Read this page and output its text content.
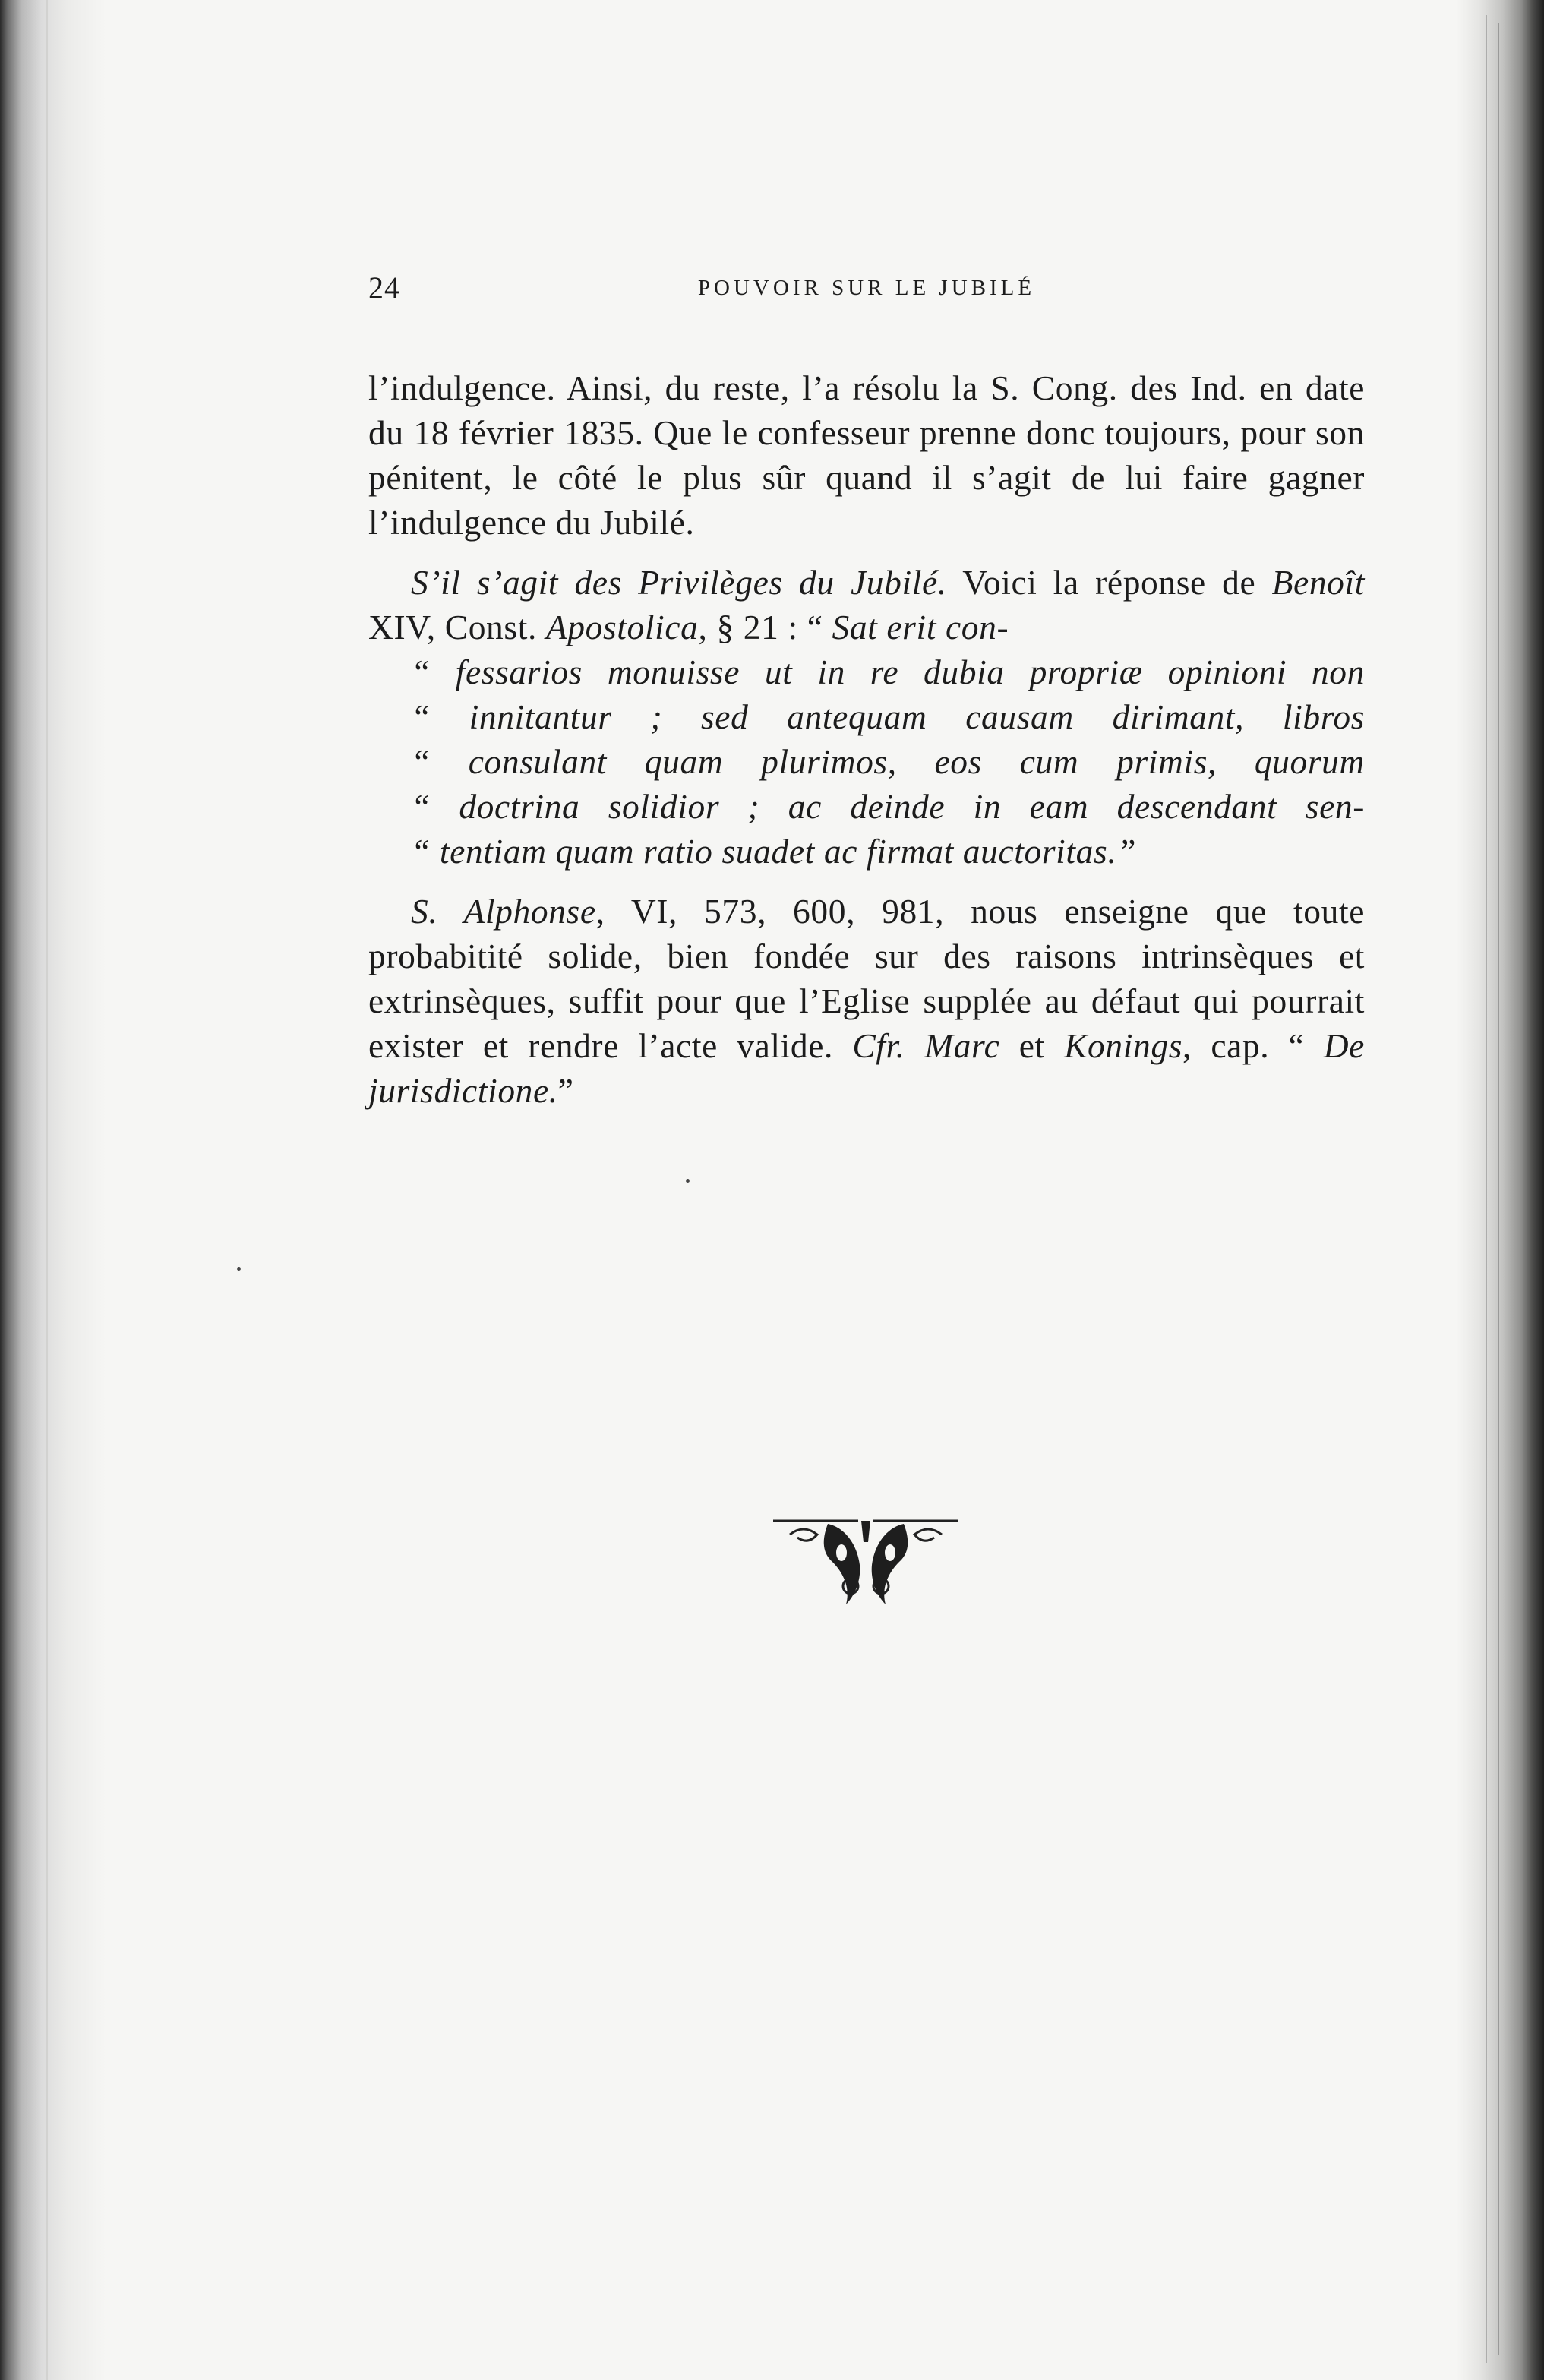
24	POUVOIR SUR LE JUBILÉ

l’indulgence. Ainsi, du reste, l’a résolu la S. Cong. des Ind. en date du 18 février 1835. Que le confesseur prenne donc toujours, pour son pénitent, le côté le plus sûr quand il s’agit de lui faire gagner l’indulgence du Jubilé.

S’il s’agit des Privilèges du Jubilé. Voici la réponse de Benoît XIV, Const. Apostolica, § 21 : “ Sat erit con-
“ fessarios monuisse ut in re dubia propriæ opinioni non
“ innitantur ; sed antequam causam dirimant, libros
“ consulant quam plurimos, eos cum primis, quorum
“ doctrina solidior ; ac deinde in eam descendant sen-
“ tentiam quam ratio suadet ac firmat auctoritas.”

S. Alphonse, VI, 573, 600, 981, nous enseigne que toute probabitité solide, bien fondée sur des raisons intrinsèques et extrinsèques, suffit pour que l’Eglise supplée au défaut qui pourrait exister et rendre l’acte valide. Cfr. Marc et Konings, cap. “ De jurisdictione.”
